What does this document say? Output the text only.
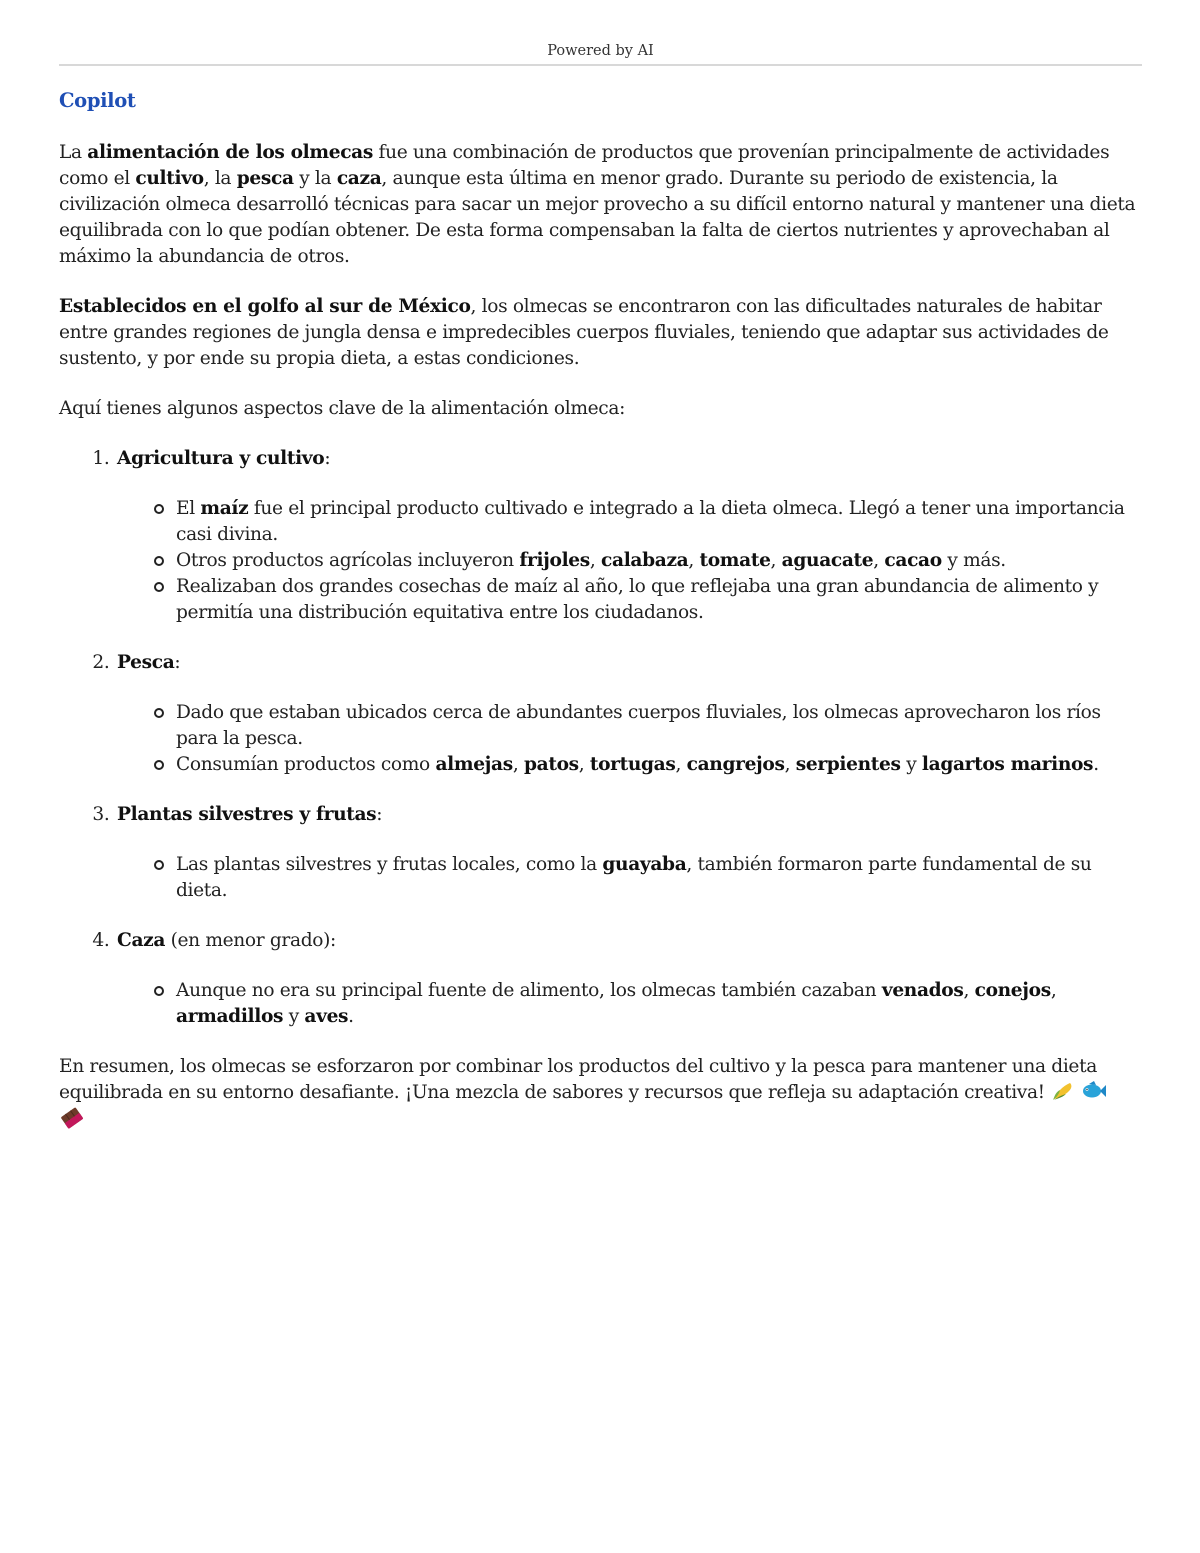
Powered by AI
Copilot

La alimentación de los olmecas fue una combinación de productos que provenían principalmente de actividades como el cultivo, la pesca y la caza, aunque esta última en menor grado. Durante su periodo de existencia, la civilización olmeca desarrolló técnicas para sacar un mejor provecho a su difícil entorno natural y mantener una dieta equilibrada con lo que podían obtener. De esta forma compensaban la falta de ciertos nutrientes y aprovechaban al máximo la abundancia de otros.

Establecidos en el golfo al sur de México, los olmecas se encontraron con las dificultades naturales de habitar entre grandes regiones de jungla densa e impredecibles cuerpos fluviales, teniendo que adaptar sus actividades de sustento, y por ende su propia dieta, a estas condiciones.

Aquí tienes algunos aspectos clave de la alimentación olmeca:

1. Agricultura y cultivo:
El maíz fue el principal producto cultivado e integrado a la dieta olmeca. Llegó a tener una importancia casi divina.
Otros productos agrícolas incluyeron frijoles, calabaza, tomate, aguacate, cacao y más.
Realizaban dos grandes cosechas de maíz al año, lo que reflejaba una gran abundancia de alimento y permitía una distribución equitativa entre los ciudadanos.
2. Pesca:
Dado que estaban ubicados cerca de abundantes cuerpos fluviales, los olmecas aprovecharon los ríos para la pesca.
Consumían productos como almejas, patos, tortugas, cangrejos, serpientes y lagartos marinos.
3. Plantas silvestres y frutas:
Las plantas silvestres y frutas locales, como la guayaba, también formaron parte fundamental de su dieta.
4. Caza (en menor grado):
Aunque no era su principal fuente de alimento, los olmecas también cazaban venados, conejos, armadillos y aves.

En resumen, los olmecas se esforzaron por combinar los productos del cultivo y la pesca para mantener una dieta equilibrada en su entorno desafiante. ¡Una mezcla de sabores y recursos que refleja su adaptación creativa!
